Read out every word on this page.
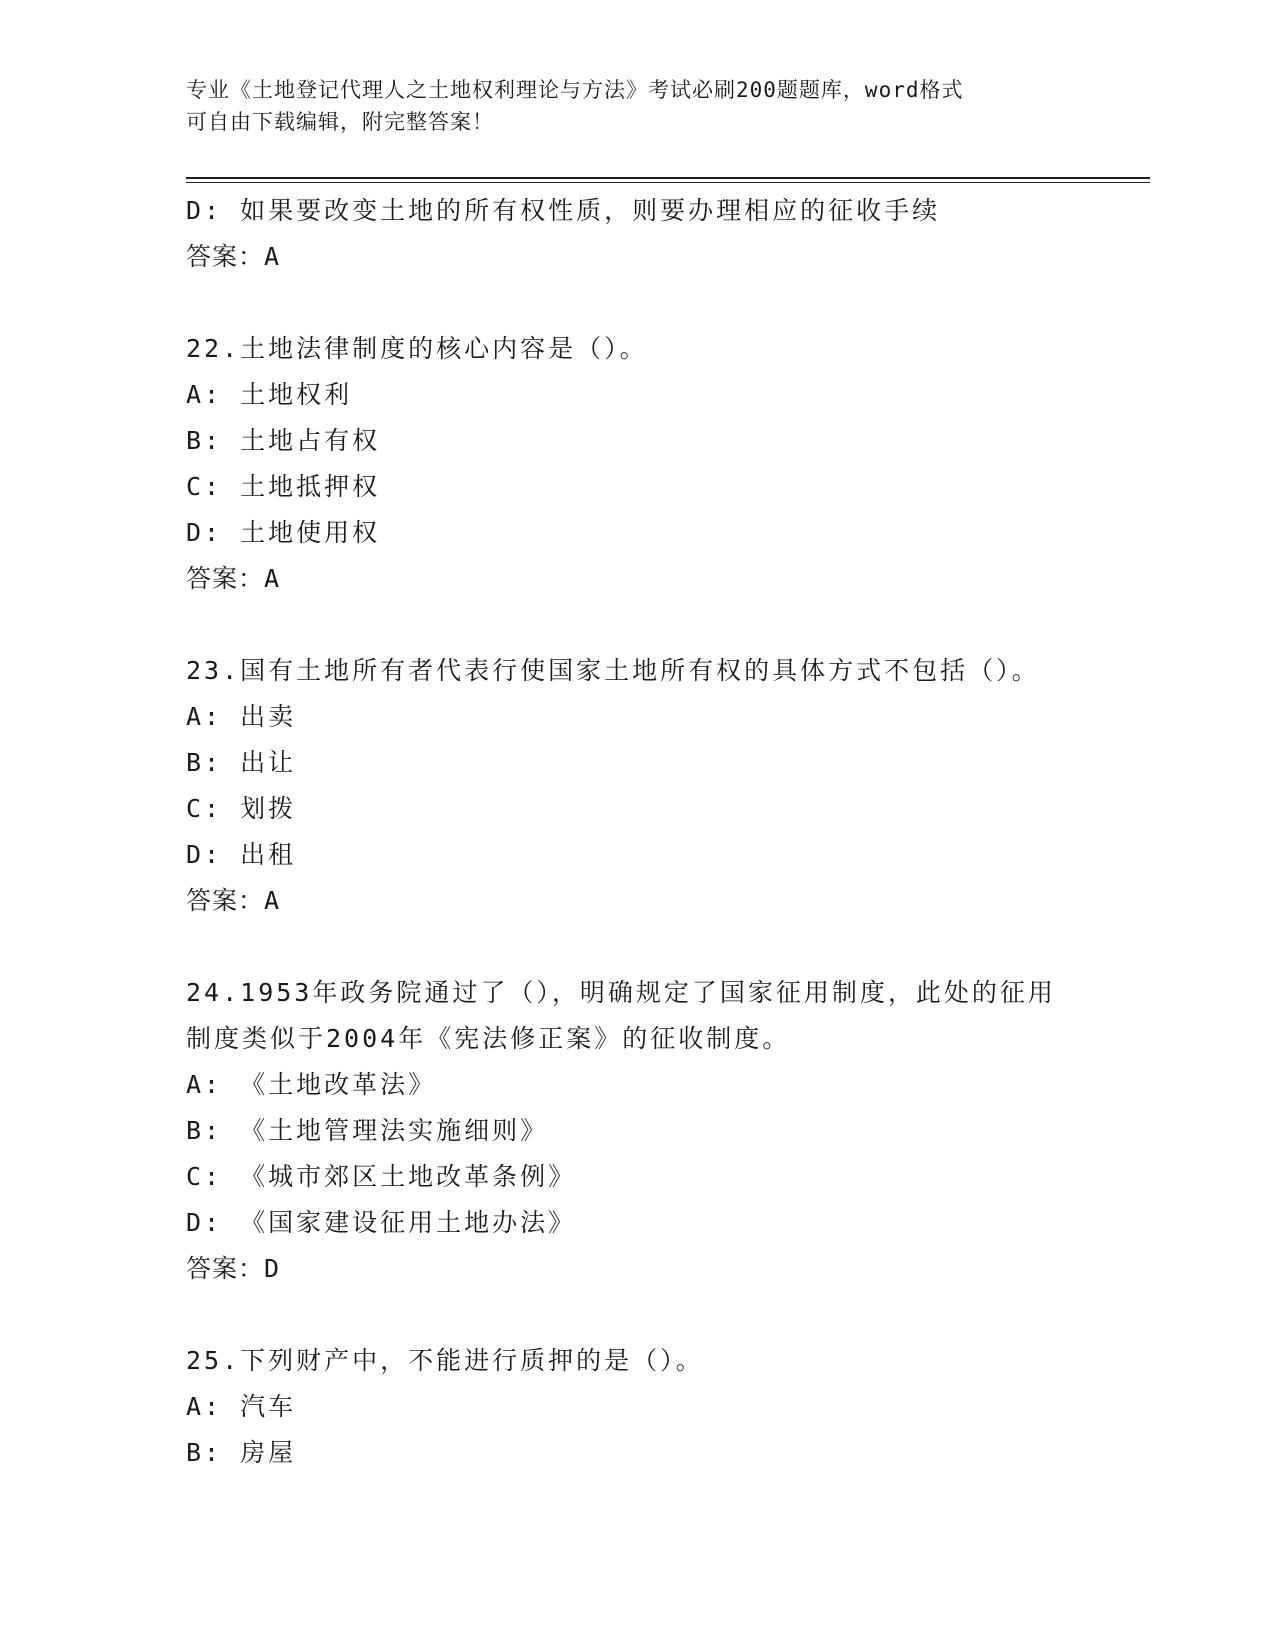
专业《土地登记代理人之土地权利理论与方法》考试必刷200题题库，word格式
可自由下载编辑，附完整答案！
D: 如果要改变土地的所有权性质，则要办理相应的征收手续
答案：A
22.土地法律制度的核心内容是（）。
A: 土地权利
B: 土地占有权
C: 土地抵押权
D: 土地使用权
答案：A
23.国有土地所有者代表行使国家土地所有权的具体方式不包括（）。
A: 出卖
B: 出让
C: 划拨
D: 出租
答案：A
24.1953年政务院通过了（），明确规定了国家征用制度，此处的征用
制度类似于2004年《宪法修正案》的征收制度。
A: 《土地改革法》
B: 《土地管理法实施细则》
C: 《城市郊区土地改革条例》
D: 《国家建设征用土地办法》
答案：D
25.下列财产中，不能进行质押的是（）。
A: 汽车
B: 房屋
